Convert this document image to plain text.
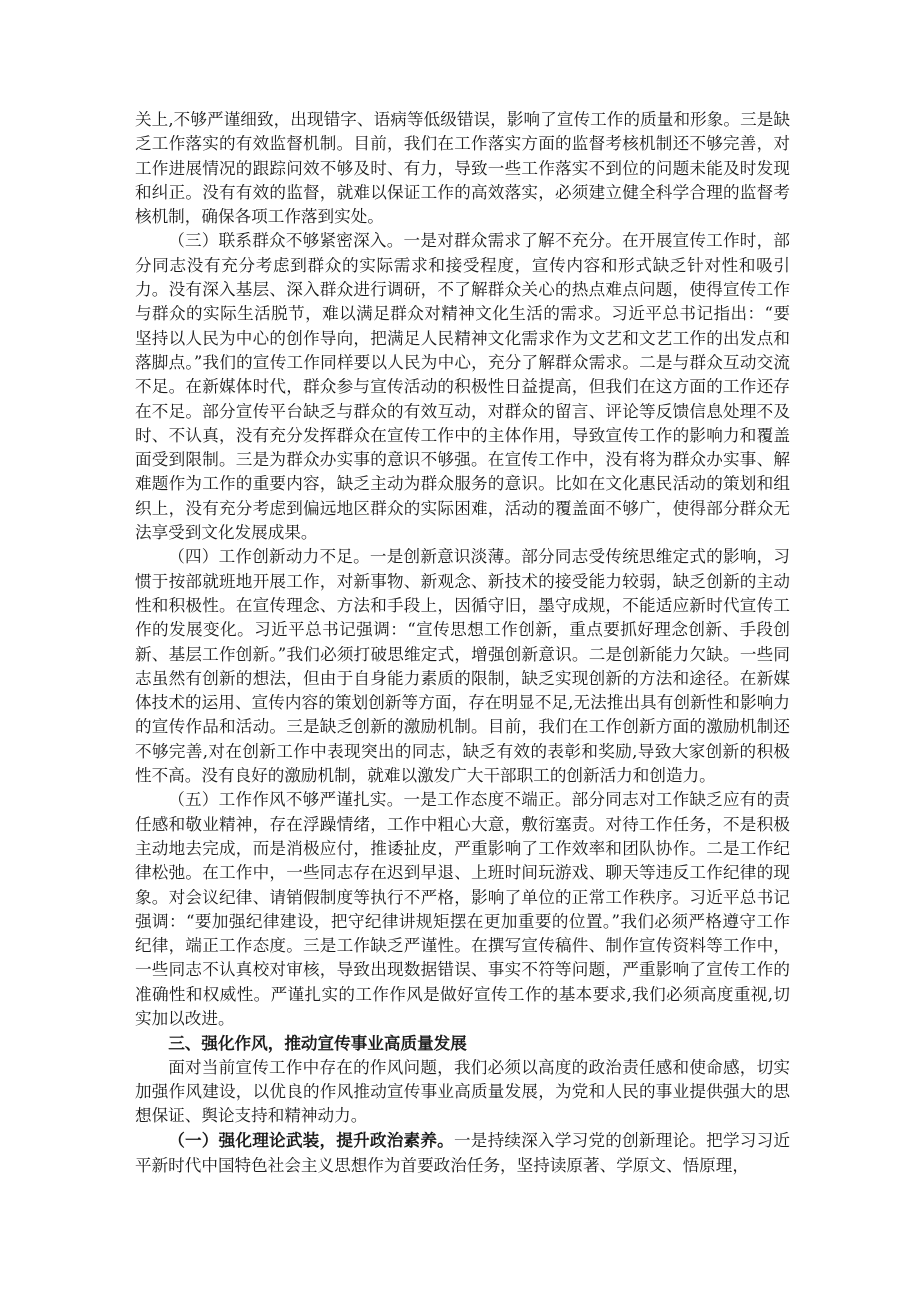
关上,不够严谨细致，出现错字、语病等低级错误，影响了宣传工作的质量和形象。三是缺乏工作落实的有效监督机制。目前，我们在工作落实方面的监督考核机制还不够完善，对工作进展情况的跟踪问效不够及时、有力，导致一些工作落实不到位的问题未能及时发现和纠正。没有有效的监督，就难以保证工作的高效落实，必须建立健全科学合理的监督考核机制，确保各项工作落到实处。

（三）联系群众不够紧密深入。一是对群众需求了解不充分。在开展宣传工作时，部分同志没有充分考虑到群众的实际需求和接受程度，宣传内容和形式缺乏针对性和吸引力。没有深入基层、深入群众进行调研，不了解群众关心的热点难点问题，使得宣传工作与群众的实际生活脱节，难以满足群众对精神文化生活的需求。习近平总书记指出：“要坚持以人民为中心的创作导向，把满足人民精神文化需求作为文艺和文艺工作的出发点和落脚点。”我们的宣传工作同样要以人民为中心，充分了解群众需求。二是与群众互动交流不足。在新媒体时代，群众参与宣传活动的积极性日益提高，但我们在这方面的工作还存在不足。部分宣传平台缺乏与群众的有效互动，对群众的留言、评论等反馈信息处理不及时、不认真，没有充分发挥群众在宣传工作中的主体作用，导致宣传工作的影响力和覆盖面受到限制。三是为群众办实事的意识不够强。在宣传工作中，没有将为群众办实事、解难题作为工作的重要内容，缺乏主动为群众服务的意识。比如在文化惠民活动的策划和组织上，没有充分考虑到偏远地区群众的实际困难，活动的覆盖面不够广，使得部分群众无法享受到文化发展成果。

（四）工作创新动力不足。一是创新意识淡薄。部分同志受传统思维定式的影响，习惯于按部就班地开展工作，对新事物、新观念、新技术的接受能力较弱，缺乏创新的主动性和积极性。在宣传理念、方法和手段上，因循守旧，墨守成规，不能适应新时代宣传工作的发展变化。习近平总书记强调：“宣传思想工作创新，重点要抓好理念创新、手段创新、基层工作创新。”我们必须打破思维定式，增强创新意识。二是创新能力欠缺。一些同志虽然有创新的想法，但由于自身能力素质的限制，缺乏实现创新的方法和途径。在新媒体技术的运用、宣传内容的策划创新等方面，存在明显不足,无法推出具有创新性和影响力的宣传作品和活动。三是缺乏创新的激励机制。目前，我们在工作创新方面的激励机制还不够完善,对在创新工作中表现突出的同志，缺乏有效的表彰和奖励,导致大家创新的积极性不高。没有良好的激励机制，就难以激发广大干部职工的创新活力和创造力。

（五）工作作风不够严谨扎实。一是工作态度不端正。部分同志对工作缺乏应有的责任感和敬业精神，存在浮躁情绪，工作中粗心大意，敷衍塞责。对待工作任务，不是积极主动地去完成，而是消极应付，推诿扯皮，严重影响了工作效率和团队协作。二是工作纪律松弛。在工作中，一些同志存在迟到早退、上班时间玩游戏、聊天等违反工作纪律的现象。对会议纪律、请销假制度等执行不严格，影响了单位的正常工作秩序。习近平总书记强调：“要加强纪律建设，把守纪律讲规矩摆在更加重要的位置。”我们必须严格遵守工作纪律，端正工作态度。三是工作缺乏严谨性。在撰写宣传稿件、制作宣传资料等工作中，一些同志不认真校对审核，导致出现数据错误、事实不符等问题，严重影响了宣传工作的准确性和权威性。严谨扎实的工作作风是做好宣传工作的基本要求,我们必须高度重视,切实加以改进。

三、强化作风，推动宣传事业高质量发展

面对当前宣传工作中存在的作风问题，我们必须以高度的政治责任感和使命感，切实加强作风建设，以优良的作风推动宣传事业高质量发展，为党和人民的事业提供强大的思想保证、舆论支持和精神动力。

（一）强化理论武装，提升政治素养。一是持续深入学习党的创新理论。把学习习近平新时代中国特色社会主义思想作为首要政治任务，坚持读原著、学原文、悟原理，
